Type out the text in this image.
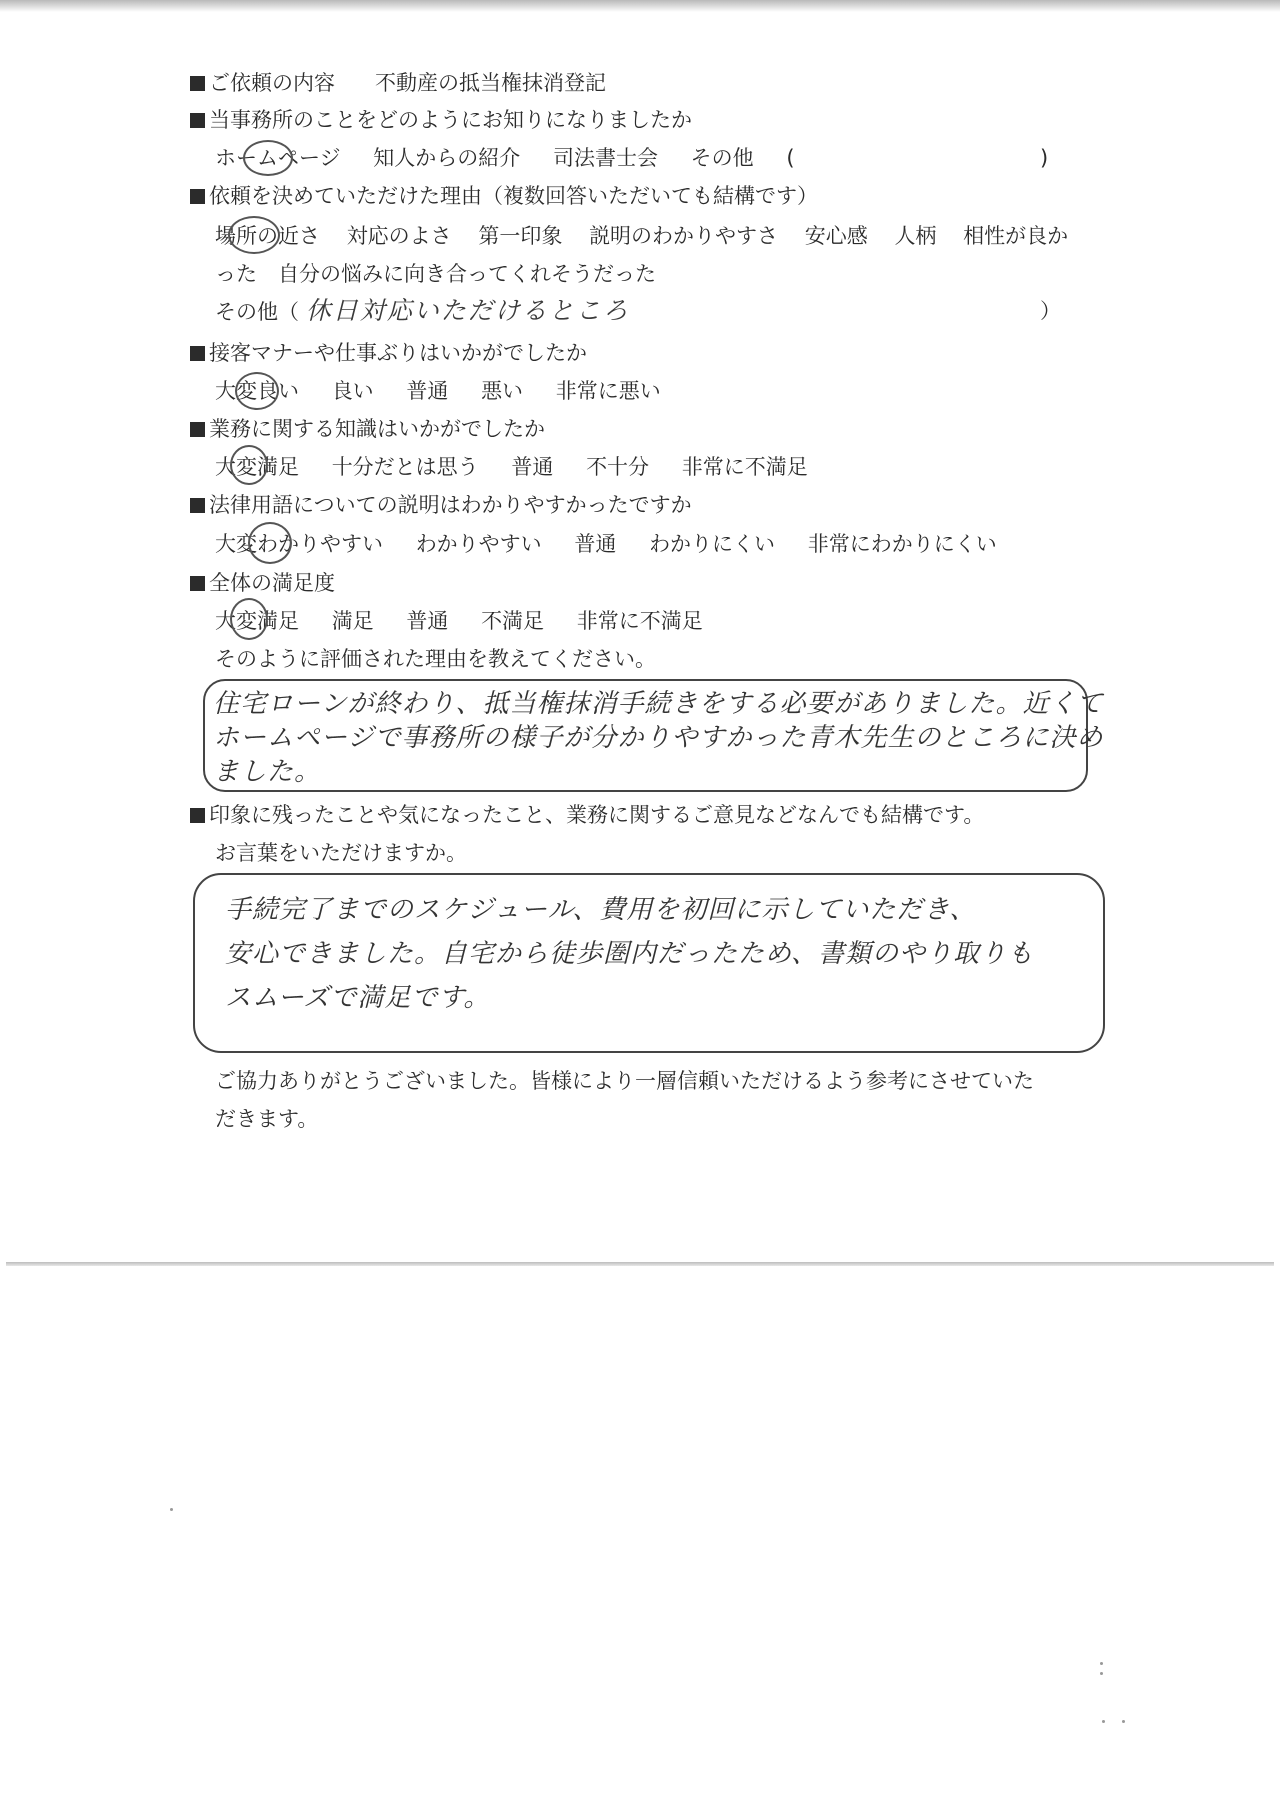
ご依頼の内容 不動産の抵当権抹消登記
当事務所のことをどのようにお知りになりましたか
ホームページ 知人からの紹介 司法書士会 その他 (	)
依頼を決めていただけた理由（複数回答いただいても結構です）
場所の近さ 対応のよさ 第一印象 説明のわかりやすさ 安心感 人柄 相性が良か
った　自分の悩みに向き合ってくれそうだった
その他（ 休日対応いただけるところ	）
接客マナーや仕事ぶりはいかがでしたか
大変良い 良い 普通 悪い 非常に悪い
業務に関する知識はいかがでしたか
大変満足 十分だとは思う 普通 不十分 非常に不満足
法律用語についての説明はわかりやすかったですか
大変わかりやすい わかりやすい 普通 わかりにくい 非常にわかりにくい
全体の満足度
大変満足 満足 普通 不満足 非常に不満足
そのように評価された理由を教えてください。
住宅ローンが終わり、抵当権抹消手続きをする必要がありました。近くて
ホームページで事務所の様子が分かりやすかった青木先生のところに決め
ました。
印象に残ったことや気になったこと、業務に関するご意見などなんでも結構です。
お言葉をいただけますか。
手続完了までのスケジュール、費用を初回に示していただき、
安心できました。自宅から徒歩圏内だったため、書類のやり取りも
スムーズで満足です。
ご協力ありがとうございました。皆様により一層信頼いただけるよう参考にさせていた
だきます。
